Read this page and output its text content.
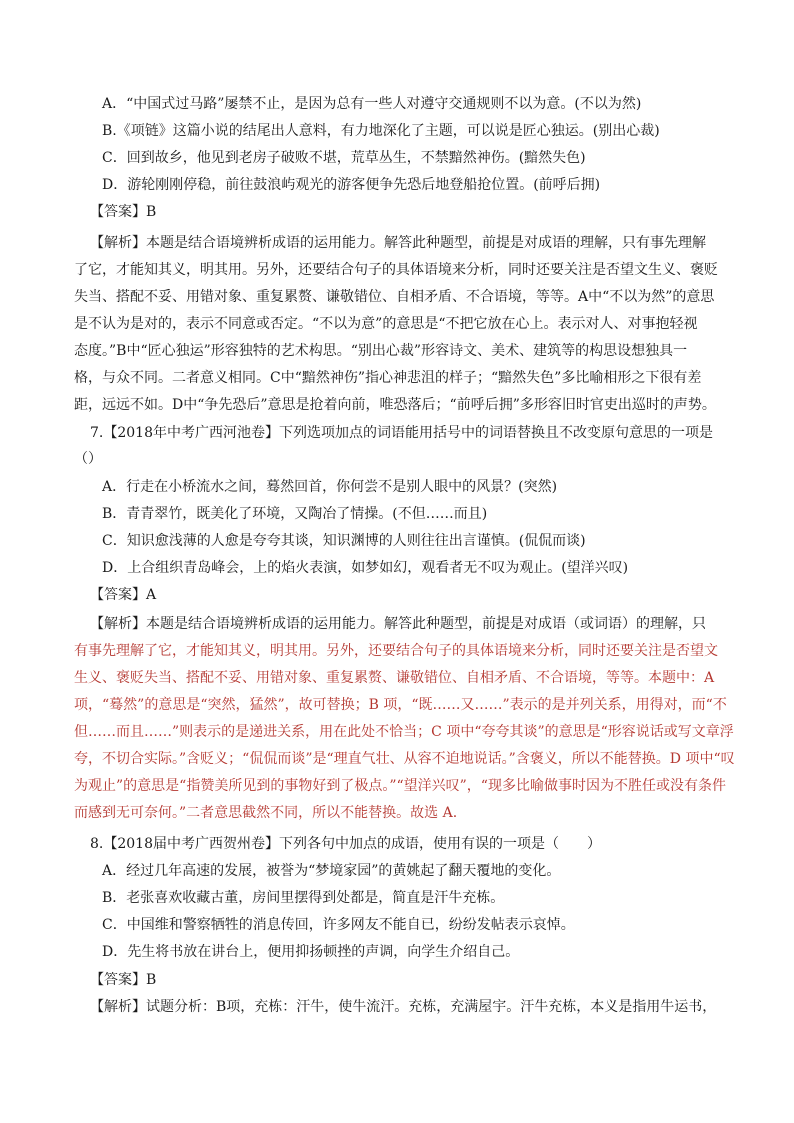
A．“中国式过马路”屡禁不止，是因为总有一些人对遵守交通规则不以为意。(不以为然)
B.《项链》这篇小说的结尾出人意料，有力地深化了主题，可以说是匠心独运。(别出心裁)
C．回到故乡，他见到老房子破败不堪，荒草丛生，不禁黯然神伤。(黯然失色)
D．游轮刚刚停稳，前往鼓浪屿观光的游客便争先恐后地登船抢位置。(前呼后拥)
【答案】B
【解析】本题是结合语境辨析成语的运用能力。解答此种题型，前提是对成语的理解，只有事先理解
了它，才能知其义，明其用。另外，还要结合句子的具体语境来分析，同时还要关注是否望文生义、褒贬
失当、搭配不妥、用错对象、重复累赘、谦敬错位、自相矛盾、不合语境，等等。A中“不以为然”的意思
是不认为是对的，表示不同意或否定。“不以为意”的意思是“不把它放在心上。表示对人、对事抱轻视
态度。”B中“匠心独运”形容独特的艺术构思。“别出心裁”形容诗文、美术、建筑等的构思设想独具一
格，与众不同。二者意义相同。C中“黯然神伤”指心神悲沮的样子；“黯然失色”多比喻相形之下很有差
距，远远不如。D中“争先恐后”意思是抢着向前，唯恐落后；“前呼后拥”多形容旧时官吏出巡时的声势。
7.【2018年中考广西河池卷】下列选项加点的词语能用括号中的词语替换且不改变原句意思的一项是
（）
A．行走在小桥流水之间，蓦然回首，你何尝不是别人眼中的风景？(突然)
B．青青翠竹，既美化了环境，又陶冶了情操。(不但……而且)
C．知识愈浅薄的人愈是夸夸其谈，知识渊博的人则往往出言谨慎。(侃侃而谈)
D．上合组织青岛峰会，上的焰火表演，如梦如幻，观看者无不叹为观止。(望洋兴叹)
【答案】A
【解析】本题是结合语境辨析成语的运用能力。解答此种题型，前提是对成语（或词语）的理解，只
有事先理解了它，才能知其义，明其用。另外，还要结合句子的具体语境来分析，同时还要关注是否望文
生义、褒贬失当、搭配不妥、用错对象、重复累赘、谦敬错位、自相矛盾、不合语境，等等。本题中：A
项，“蓦然”的意思是“突然，猛然”，故可替换；B 项，“既……又……”表示的是并列关系，用得对，而“不
但……而且……”则表示的是递进关系，用在此处不恰当；C 项中“夸夸其谈”的意思是“形容说话或写文章浮
夸，不切合实际。”含贬义；“侃侃而谈”是“理直气壮、从容不迫地说话。”含褒义，所以不能替换。D 项中“叹
为观止”的意思是“指赞美所见到的事物好到了极点。”“望洋兴叹”，“现多比喻做事时因为不胜任或没有条件
而感到无可奈何。”二者意思截然不同，所以不能替换。故选 A.
8.【2018届中考广西贺州卷】下列各句中加点的成语，使用有误的一项是（　　）
A．经过几年高速的发展，被誉为“梦境家园”的黄姚起了翻天覆地的变化。
B．老张喜欢收藏古董，房间里摆得到处都是，简直是汗牛充栋。
C．中国维和警察牺牲的消息传回，许多网友不能自已，纷纷发帖表示哀悼。
D．先生将书放在讲台上，便用抑扬顿挫的声调，向学生介绍自己。
【答案】B
【解析】试题分析：B项，充栋：汗牛，使牛流汗。充栋，充满屋宇。汗牛充栋，本义是指用牛运书，
